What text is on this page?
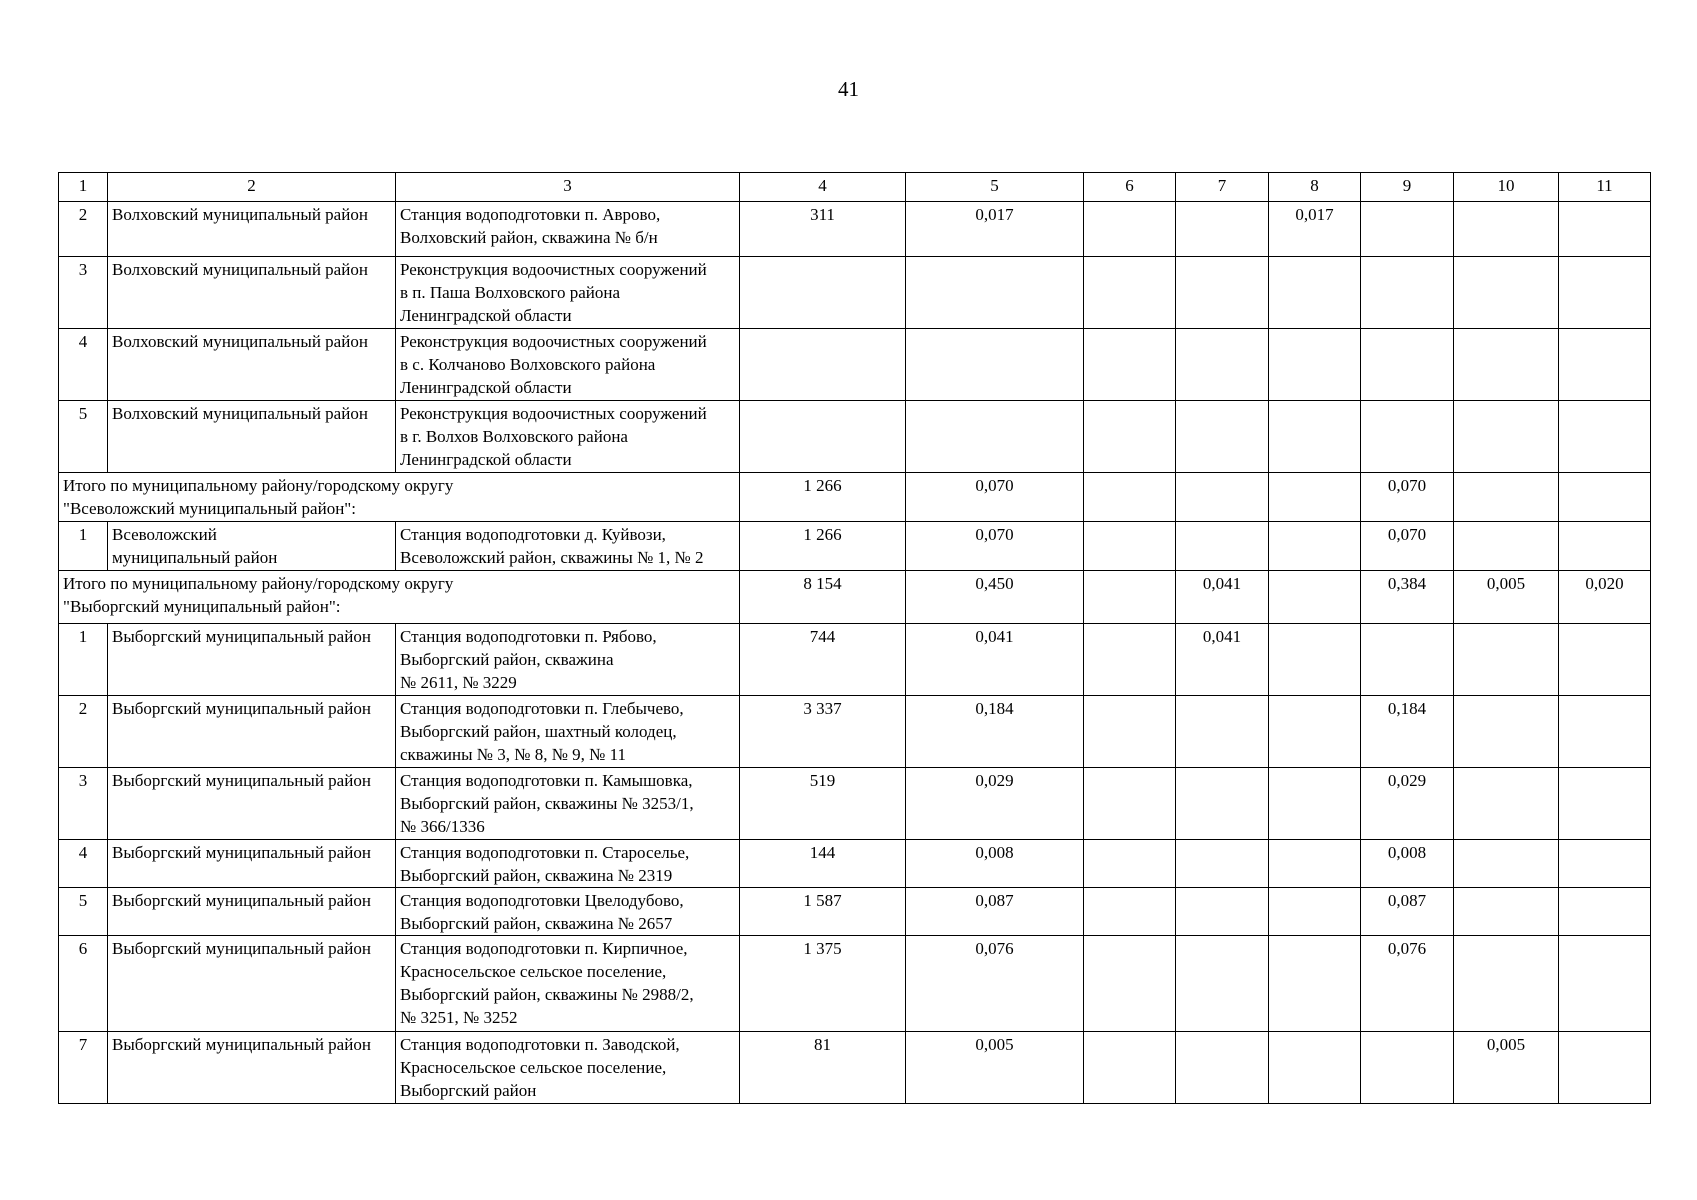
41
1	2	3	4	5	6	7	8	9	10	11
2	Волховский муниципальный район	Станция водоподготовки п. Аврово,
Волховский район, скважина № б/н	311	0,017			0,017			
3	Волховский муниципальный район	Реконструкция водоочистных сооружений
в п. Паша Волховского района
Ленинградской области								
4	Волховский муниципальный район	Реконструкция водоочистных сооружений
в с. Колчаново Волховского района
Ленинградской области								
5	Волховский муниципальный район	Реконструкция водоочистных сооружений
в г. Волхов Волховского района
Ленинградской области								
Итого по муниципальному району/городскому округу
"Всеволожский муниципальный район":			1 266	0,070				0,070		
1	Всеволожский
муниципальный район	Станция водоподготовки д. Куйвози,
Всеволожский район, скважины № 1, № 2	1 266	0,070				0,070		
Итого по муниципальному району/городскому округу
"Выборгский муниципальный район":			8 154	0,450		0,041		0,384	0,005	0,020
1	Выборгский муниципальный район	Станция водоподготовки п. Рябово,
Выборгский район, скважина
№ 2611, № 3229	744	0,041		0,041				
2	Выборгский муниципальный район	Станция водоподготовки п. Глебычево,
Выборгский район, шахтный колодец,
скважины № 3, № 8, № 9, № 11	3 337	0,184				0,184		
3	Выборгский муниципальный район	Станция водоподготовки п. Камышовка,
Выборгский район, скважины № 3253/1,
№ 366/1336	519	0,029				0,029		
4	Выборгский муниципальный район	Станция водоподготовки п. Староселье,
Выборгский район, скважина № 2319	144	0,008				0,008		
5	Выборгский муниципальный район	Станция водоподготовки Цвелодубово,
Выборгский район, скважина № 2657	1 587	0,087				0,087		
6	Выборгский муниципальный район	Станция водоподготовки п. Кирпичное,
Красносельское сельское поселение,
Выборгский район, скважины № 2988/2,
№ 3251, № 3252	1 375	0,076				0,076		
7	Выборгский муниципальный район	Станция водоподготовки п. Заводской,
Красносельское сельское поселение,
Выборгский район	81	0,005					0,005	
